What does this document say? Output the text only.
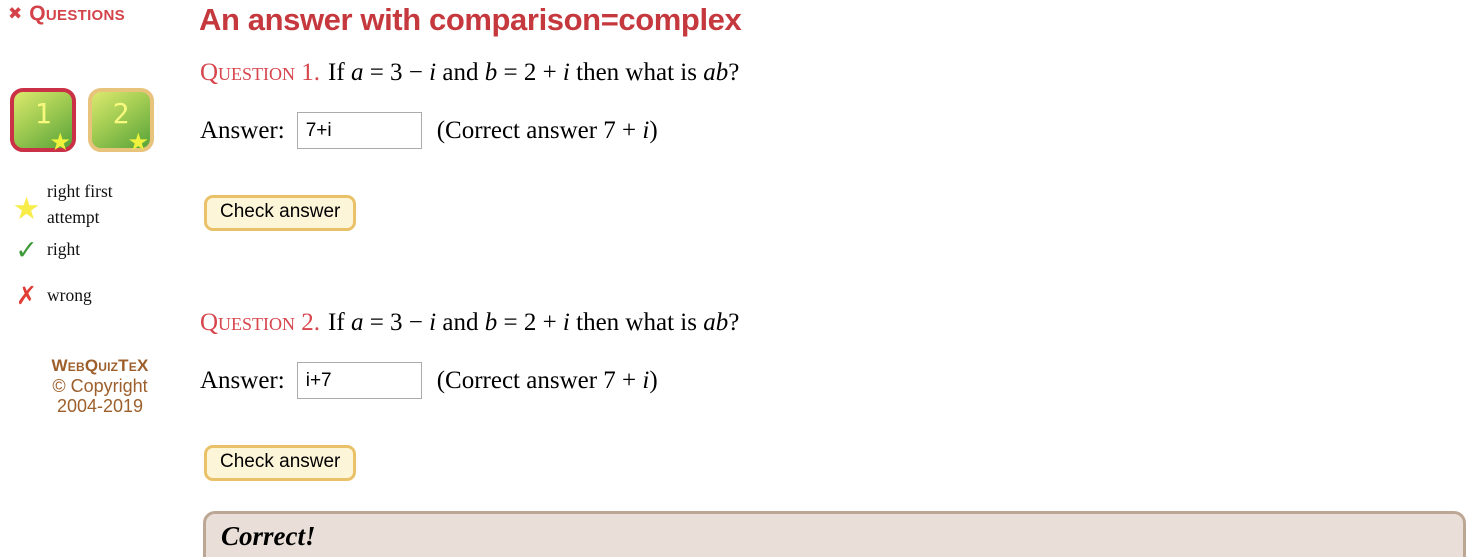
✖ Questions
1
★
2
★
★ right first attempt
✓ right
✗ wrong
WebQuizTeX
© Copyright
2004-2019
An answer with comparison=complex

Question 1. If a = 3 − i and b = 2 + i then what is ab?

Answer:
7+i	(Correct answer 7 + i)
Check answer

Question 2. If a = 3 − i and b = 2 + i then what is ab?

Answer:
i+7	(Correct answer 7 + i)
Check answer
Correct!
